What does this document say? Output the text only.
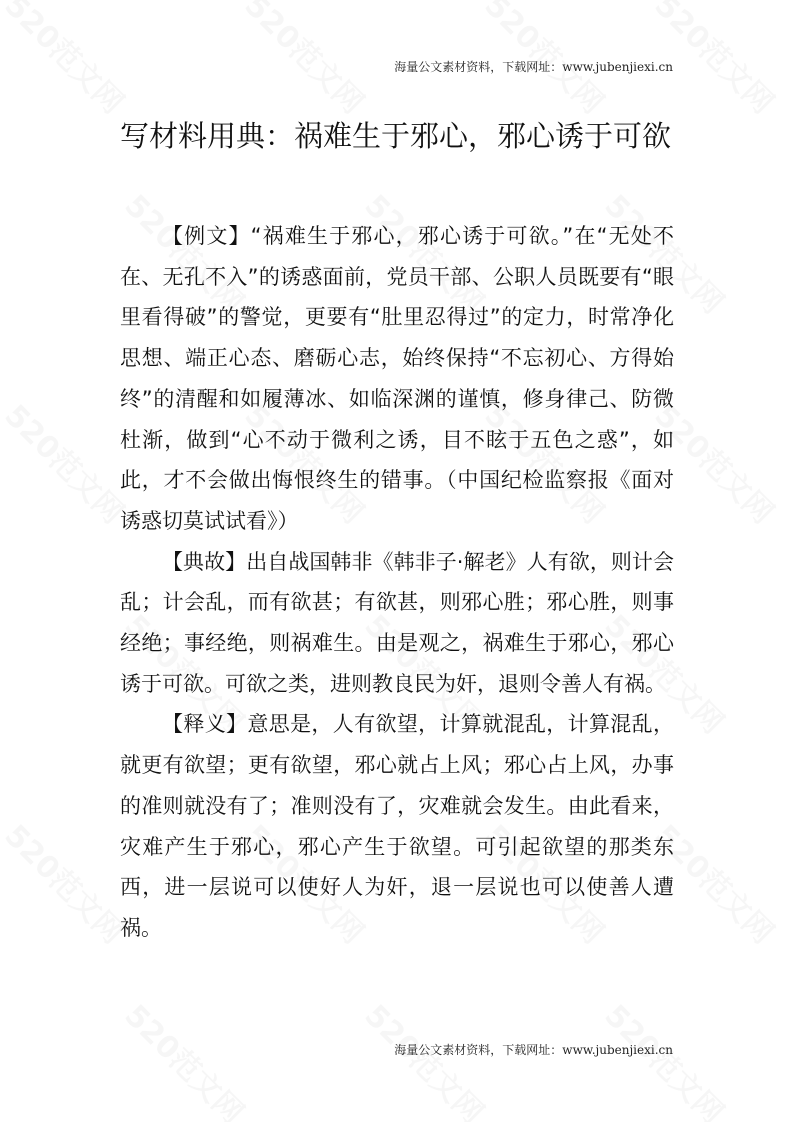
海量公文素材资料，下载网址：www.jubenjiexi.cn
写材料用典：祸难生于邪心，邪心诱于可欲

【例文】“祸难生于邪心，邪心诱于可欲。”在“无处不在、无孔不入”的诱惑面前，党员干部、公职人员既要有“眼里看得破”的警觉，更要有“肚里忍得过”的定力，时常净化思想、端正心态、磨砺心志，始终保持“不忘初心、方得始终”的清醒和如履薄冰、如临深渊的谨慎，修身律己、防微杜渐，做到“心不动于微利之诱，目不眩于五色之惑”，如此，才不会做出悔恨终生的错事。（中国纪检监察报《面对诱惑切莫试试看》）

【典故】出自战国韩非《韩非子·解老》人有欲，则计会乱；计会乱，而有欲甚；有欲甚，则邪心胜；邪心胜，则事经绝；事经绝，则祸难生。由是观之，祸难生于邪心，邪心诱于可欲。可欲之类，进则教良民为奸，退则令善人有祸。

【释义】意思是，人有欲望，计算就混乱，计算混乱，就更有欲望；更有欲望，邪心就占上风；邪心占上风，办事的准则就没有了；准则没有了，灾难就会发生。由此看来，灾难产生于邪心，邪心产生于欲望。可引起欲望的那类东西，进一层说可以使好人为奸，退一层说也可以使善人遭祸。

海量公文素材资料，下载网址：www.jubenjiexi.cn
